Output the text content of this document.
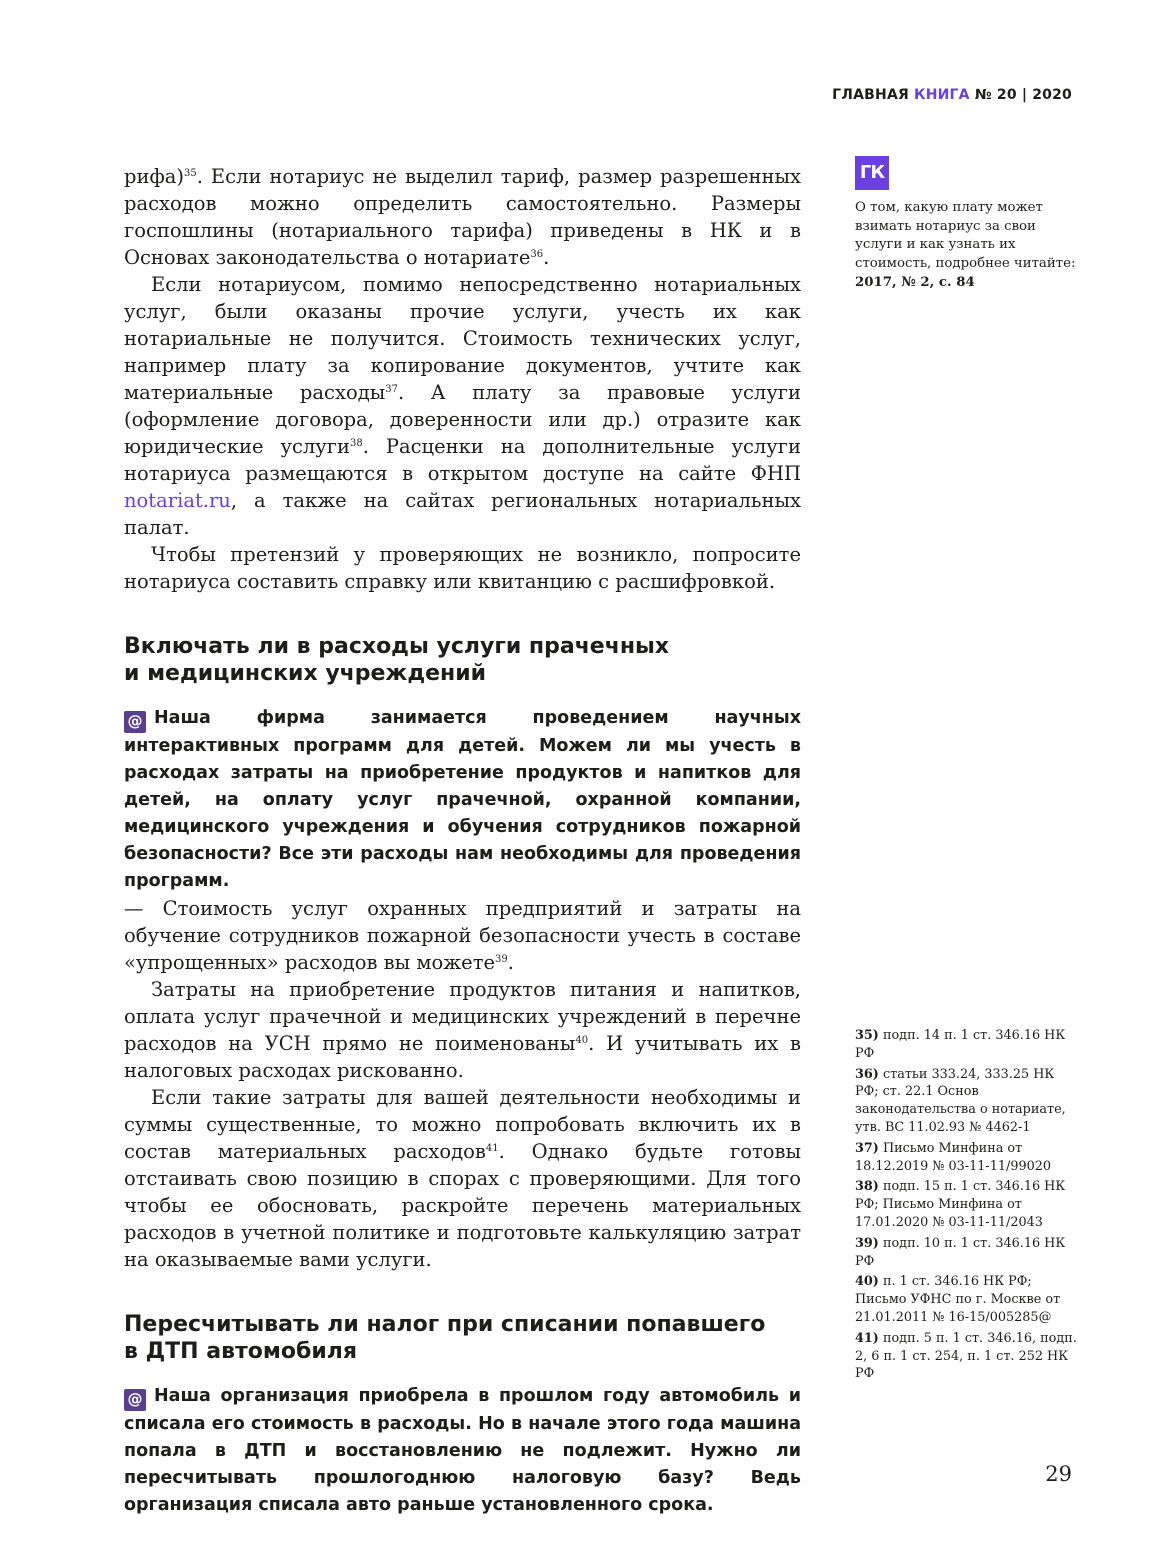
ГЛАВНАЯ КНИГА № 20 | 2020
ГК
О том, какую плату может взимать нотариус за свои услуги и как узнать их стоимость, подробнее читайте:
2017, № 2, с. 84

рифа)$^{35}$. Если нотариус не выделил тариф, размер разрешенных расходов можно определить самостоятельно. Размеры госпошлины (нотариального тарифа) приведены в НК и в Основах законодательства о нотариате$^{36}$.

Если нотариусом, помимо непосредственно нотариальных услуг, были оказаны прочие услуги, учесть их как нотариальные не получится. Стоимость технических услуг, например плату за копирование документов, учтите как материальные расходы$^{37}$. А плату за правовые услуги (оформление договора, доверенности или др.) отразите как юридические услуги$^{38}$. Расценки на дополнительные услуги нотариуса размещаются в открытом доступе на сайте ФНП notariat.ru, а также на сайтах региональных нотариальных палат.

Чтобы претензий у проверяющих не возникло, попросите нотариуса составить справку или квитанцию с расшифровкой.

Включать ли в расходы услуги прачечных
и медицинских учреждений

@ Наша фирма занимается проведением научных интерактивных программ для детей. Можем ли мы учесть в расходах затраты на приобретение продуктов и напитков для детей, на оплату услуг прачечной, охранной компании, медицинского учреждения и обучения сотрудников пожарной безопасности? Все эти расходы нам необходимы для проведения программ.

— Стоимость услуг охранных предприятий и затраты на обучение сотрудников пожарной безопасности учесть в составе «упрощенных» расходов вы можете$^{39}$.

Затраты на приобретение продуктов питания и напитков, оплата услуг прачечной и медицинских учреждений в перечне расходов на УСН прямо не поименованы$^{40}$. И учитывать их в налоговых расходах рискованно.

Если такие затраты для вашей деятельности необходимы и суммы существенные, то можно попробовать включить их в состав материальных расходов$^{41}$. Однако будьте готовы отстаивать свою позицию в спорах с проверяющими. Для того чтобы ее обосновать, раскройте перечень материальных расходов в учетной политике и подготовьте калькуляцию затрат на оказываемые вами услуги.

Пересчитывать ли налог при списании попавшего
в ДТП автомобиля

@ Наша организация приобрела в прошлом году автомобиль и списала его стоимость в расходы. Но в начале этого года машина попала в ДТП и восстановлению не подлежит. Нужно ли пересчитывать прошлогоднюю налоговую базу? Ведь организация списала авто раньше установленного срока.

35) подп. 14 п. 1 ст. 346.16 НК РФ

36) статьи 333.24, 333.25 НК РФ; ст. 22.1 Основ законодательства о нотариате, утв. ВС 11.02.93 № 4462-1

37) Письмо Минфина от 18.12.2019 № 03-11-11/99020

38) подп. 15 п. 1 ст. 346.16 НК РФ; Письмо Минфина от 17.01.2020 № 03-11-11/2043

39) подп. 10 п. 1 ст. 346.16 НК РФ

40) п. 1 ст. 346.16 НК РФ; Письмо УФНС по г. Москве от 21.01.2011 № 16-15/005285@

41) подп. 5 п. 1 ст. 346.16, подп. 2, 6 п. 1 ст. 254, п. 1 ст. 252 НК РФ

29
